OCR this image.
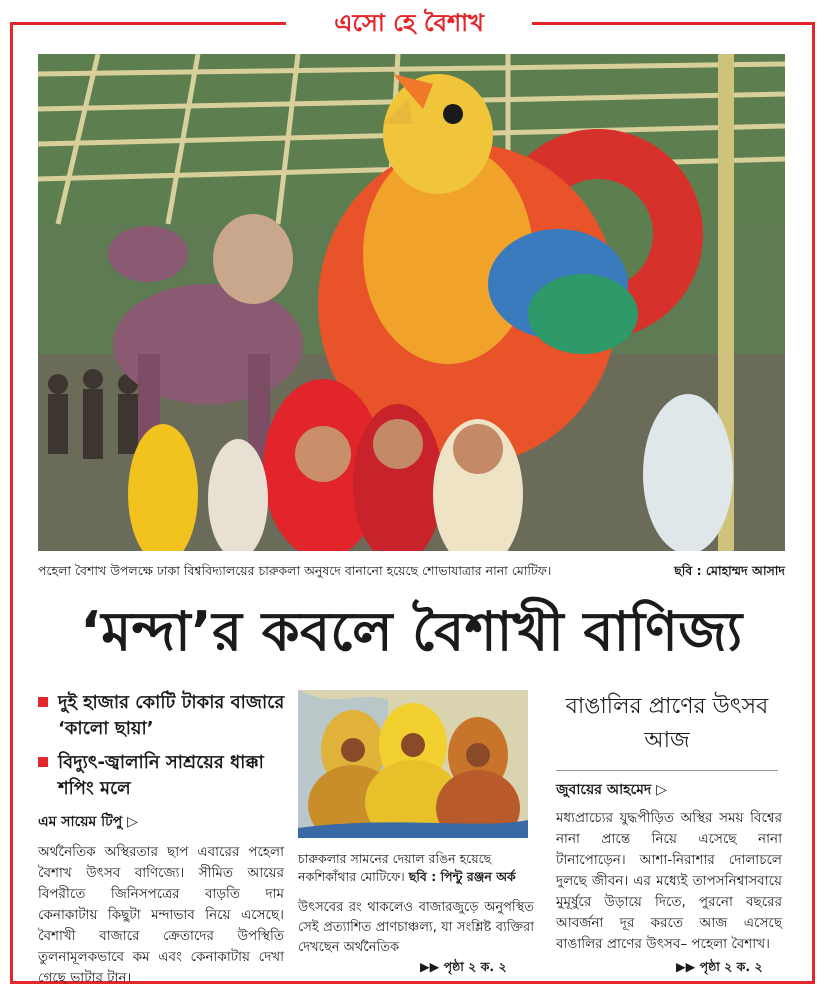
এসো হে বৈশাখ
পহেলা বৈশাখ উপলক্ষে ঢাকা বিশ্ববিদ্যালয়ের চারুকলা অনুষদে বানানো হয়েছে শোভাযাত্রার নানা মোটিফ।	ছবি : মোহাম্মদ আসাদ
‘মন্দা’র কবলে বৈশাখী বাণিজ্য
দুই হাজার কোটি টাকার বাজারে ‘কালো ছায়া’
বিদ্যুৎ-জ্বালানি সাশ্রয়ের ধাক্কা শপিং মলে
এম সায়েম টিপু ▷
অর্থনৈতিক অস্থিরতার ছাপ এবারের পহেলা বৈশাখ উৎসব বাণিজ্যে। সীমিত আয়ের বিপরীতে জিনিসপত্রের বাড়তি দাম কেনাকাটায় কিছুটা মন্দাভাব নিয়ে এসেছে। বৈশাখী বাজারে ক্রেতাদের উপস্থিতি তুলনামূলকভাবে কম এবং কেনাকাটায় দেখা গেছে ভাটার টান।
চারুকলার সামনের দেয়াল রঙিন হয়েছে নকশিকাঁথার মোটিফে। ছবি : পিন্টু রঞ্জন অর্ক
উৎসবের রং থাকলেও বাজারজুড়ে অনুপস্থিত সেই প্রত্যাশিত প্রাণচাঞ্চল্য, যা সংশ্লিষ্ট ব্যক্তিরা দেখছেন অর্থনৈতিক
▶▶ পৃষ্ঠা ২ ক. ২
বাঙালির প্রাণের উৎসব আজ
জুবায়ের আহমেদ ▷
মধ্যপ্রাচ্যের যুদ্ধপীড়িত অস্থির সময় বিশ্বের নানা প্রান্তে নিয়ে এসেছে নানা টানাপোড়েন। আশা-নিরাশার দোলাচলে দুলছে জীবন। এর মধ্যেই তাপসনিশ্বাসবায়ে মুমূর্ষুরে উড়ায়ে দিতে, পুরনো বছরের আবর্জনা দূর করতে আজ এসেছে বাঙালির প্রাণের উৎসব– পহেলা বৈশাখ।
▶▶ পৃষ্ঠা ২ ক. ২
